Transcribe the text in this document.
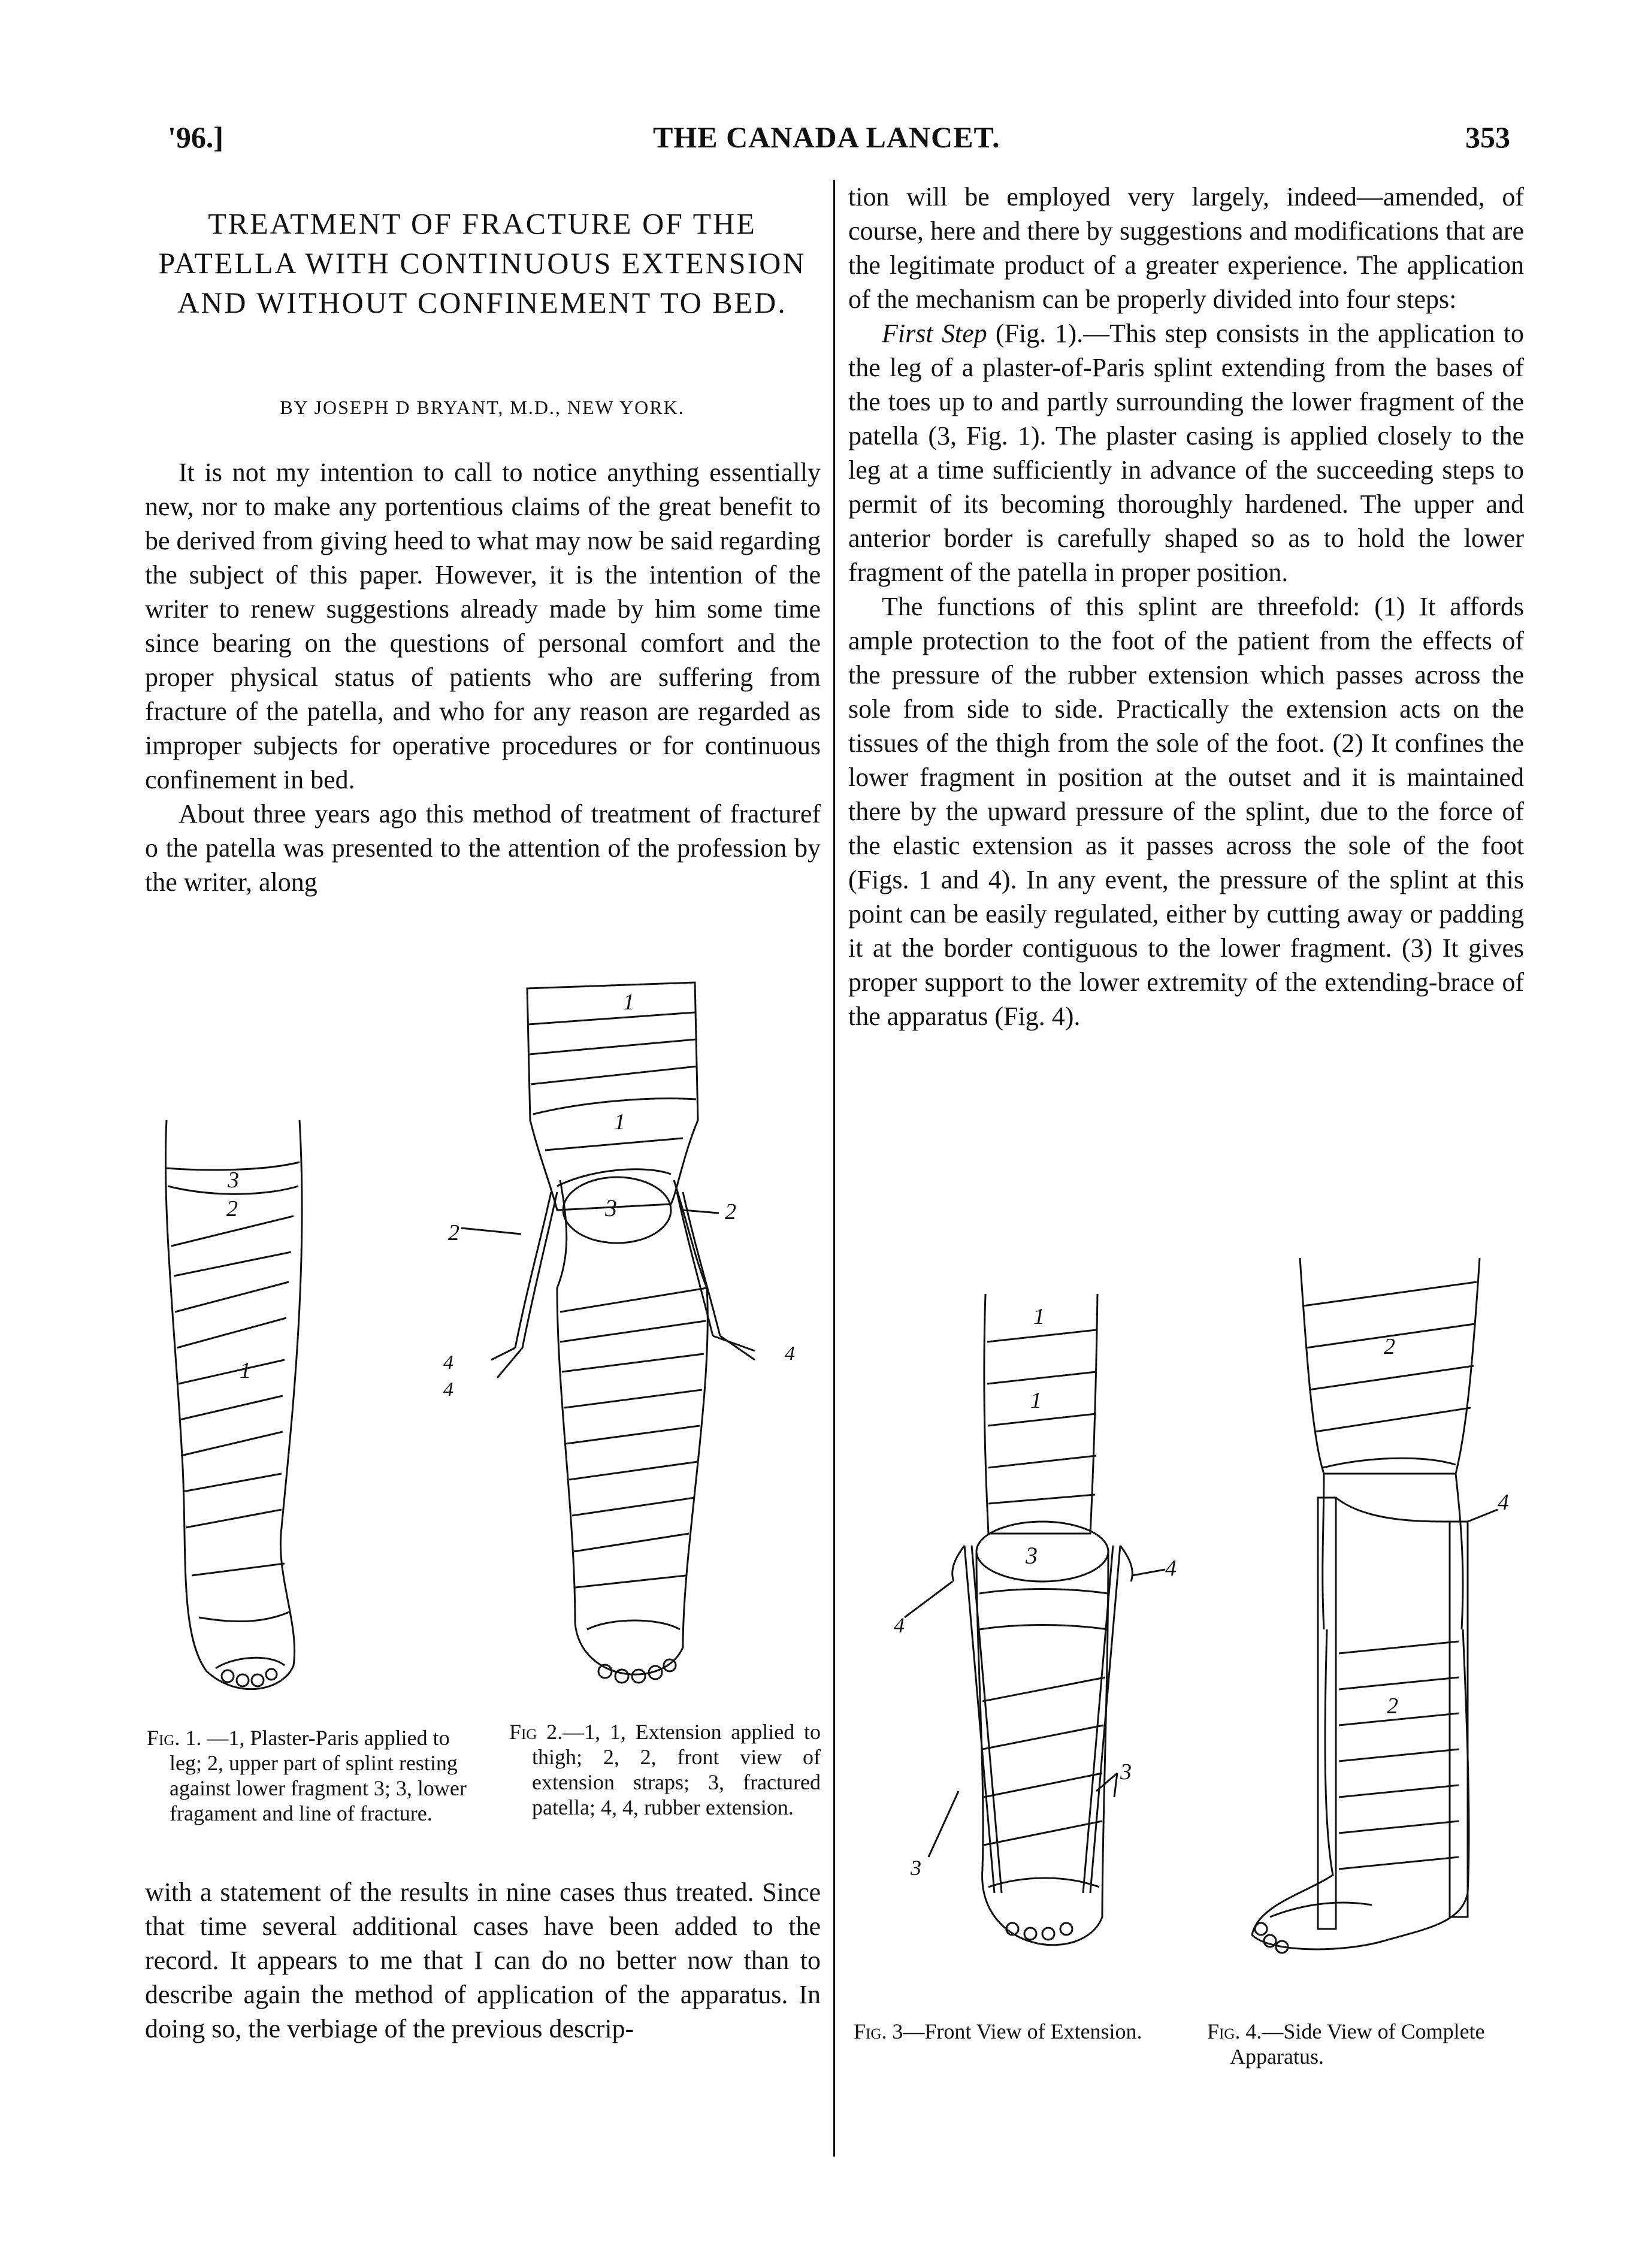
'96.]	THE CANADA LANCET.	353
TREATMENT OF FRACTURE OF THE PATELLA WITH CONTINUOUS EXTENSION AND WITHOUT CONFINEMENT TO BED.
BY JOSEPH D BRYANT, M.D., NEW YORK.

It is not my intention to call to notice anything essentially new, nor to make any portentious claims of the great benefit to be derived from giving heed to what may now be said regarding the subject of this paper. However, it is the intention of the writer to renew suggestions already made by him some time since bearing on the questions of personal comfort and the proper physical status of patients who are suffering from fracture of the patella, and who for any reason are regarded as improper subjects for operative procedures or for continuous confinement in bed.

About three years ago this method of treatment of fracturef o the patella was presented to the attention of the profession by the writer, along

3
2
1
1
1
3
2
2
4
4
4

Fig. 1. —1, Plaster-Paris applied to leg; 2, upper part of splint resting against lower fragment 3; 3, lower fragament and line of fracture.

Fig 2.—1, 1, Extension applied to thigh; 2, 2, front view of extension straps; 3, fractured patella; 4, 4, rubber extension.

with a statement of the results in nine cases thus treated. Since that time several additional cases have been added to the record. It appears to me that I can do no better now than to describe again the method of application of the apparatus. In doing so, the verbiage of the previous descrip-

tion will be employed very largely, indeed—amended, of course, here and there by suggestions and modifications that are the legitimate product of a greater experience. The application of the mechanism can be properly divided into four steps:

First Step (Fig. 1).—This step consists in the application to the leg of a plaster-of-Paris splint extending from the bases of the toes up to and partly surrounding the lower fragment of the patella (3, Fig. 1). The plaster casing is applied closely to the leg at a time sufficiently in advance of the succeeding steps to permit of its becoming thoroughly hardened. The upper and anterior border is carefully shaped so as to hold the lower fragment of the patella in proper position.

The functions of this splint are threefold: (1) It affords ample protection to the foot of the patient from the effects of the pressure of the rubber extension which passes across the sole from side to side. Practically the extension acts on the tissues of the thigh from the sole of the foot. (2) It confines the lower fragment in position at the outset and it is maintained there by the upward pressure of the splint, due to the force of the elastic extension as it passes across the sole of the foot (Figs. 1 and 4). In any event, the pressure of the splint at this point can be easily regulated, either by cutting away or padding it at the border contiguous to the lower fragment. (3) It gives proper support to the lower extremity of the extending-brace of the apparatus (Fig. 4).

1
1
3	4
4
3
3
2
4
2

Fig. 3—Front View of Extension.	Fig. 4.—Side View of Complete Apparatus.
